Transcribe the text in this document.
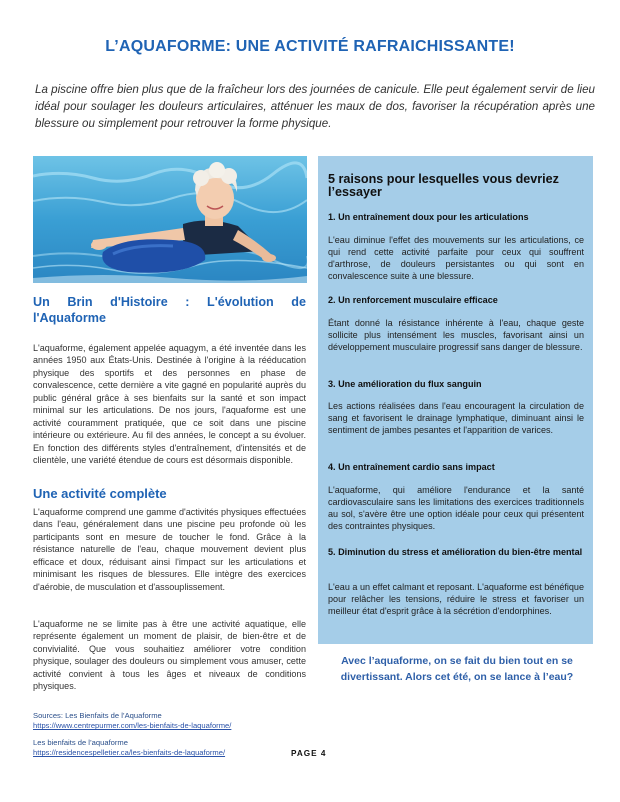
L’AQUAFORME: UNE ACTIVITÉ RAFRAICHISSANTE!
La piscine offre bien plus que de la fraîcheur lors des journées de canicule. Elle peut également servir de lieu idéal pour soulager les douleurs articulaires, atténuer les maux de dos, favoriser la récupération après une blessure ou simplement pour retrouver la forme physique.
Un Brin d'Histoire : L'évolution de
l'Aquaforme
L'aquaforme, également appelée aquagym, a été inventée dans les années 1950 aux États-Unis. Destinée à l'origine à la rééducation physique des sportifs et des personnes en phase de convalescence, cette dernière a vite gagné en popularité auprès du public général grâce à ses bienfaits sur la santé et son impact minimal sur les articulations. De nos jours, l'aquaforme est une activité couramment pratiquée, que ce soit dans une piscine intérieure ou extérieure. Au fil des années, le concept a su évoluer. En fonction des différents styles d'entraînement, d'intensités et de clientèle, une variété étendue de cours est désormais disponible.
Une activité complète
L'aquaforme comprend une gamme d'activités physiques effectuées dans l'eau, généralement dans une piscine peu profonde où les participants sont en mesure de toucher le fond. Grâce à la résistance naturelle de l'eau, chaque mouvement devient plus efficace et doux, réduisant ainsi l'impact sur les articulations et minimisant les risques de blessures. Elle intègre des exercices d'aérobie, de musculation et d'assouplissement.
L'aquaforme ne se limite pas à être une activité aquatique, elle représente également un moment de plaisir, de bien-être et de convivialité. Que vous souhaitiez améliorer votre condition physique, soulager des douleurs ou simplement vous amuser, cette activité convient à tous les âges et niveaux de conditions physiques.
5 raisons pour lesquelles vous devriez l’essayer
1. Un entraînement doux pour les articulations
L'eau diminue l'effet des mouvements sur les articulations, ce qui rend cette activité parfaite pour ceux qui souffrent d'arthrose, de douleurs persistantes ou qui sont en convalescence suite à une blessure.
2. Un renforcement musculaire efficace
Étant donné la résistance inhérente à l'eau, chaque geste sollicite plus intensément les muscles, favorisant ainsi un développement musculaire progressif sans danger de blessure.
3. Une amélioration du flux sanguin
Les actions réalisées dans l'eau encouragent la circulation de sang et favorisent le drainage lymphatique, diminuant ainsi le sentiment de jambes pesantes et l'apparition de varices.
4. Un entraînement cardio sans impact
L'aquaforme, qui améliore l'endurance et la santé cardiovasculaire sans les limitations des exercices traditionnels au sol, s'avère être une option idéale pour ceux qui présentent des contraintes physiques.
5. Diminution du stress et amélioration du bien-être mental
L'eau a un effet calmant et reposant. L'aquaforme est bénéfique pour relâcher les tensions, réduire le stress et favoriser un meilleur état d'esprit grâce à la sécrétion d'endorphines.
Avec l’aquaforme, on se fait du bien tout en se divertissant. Alors cet été, on se lance à l’eau?
Sources: Les Bienfaits de l’Aquaforme
https://www.centrepurmer.com/les-bienfaits-de-laquaforme/
Les bienfaits de l’aquaforme
https://residencespelletier.ca/les-bienfaits-de-laquaforme/	PAGE 4
